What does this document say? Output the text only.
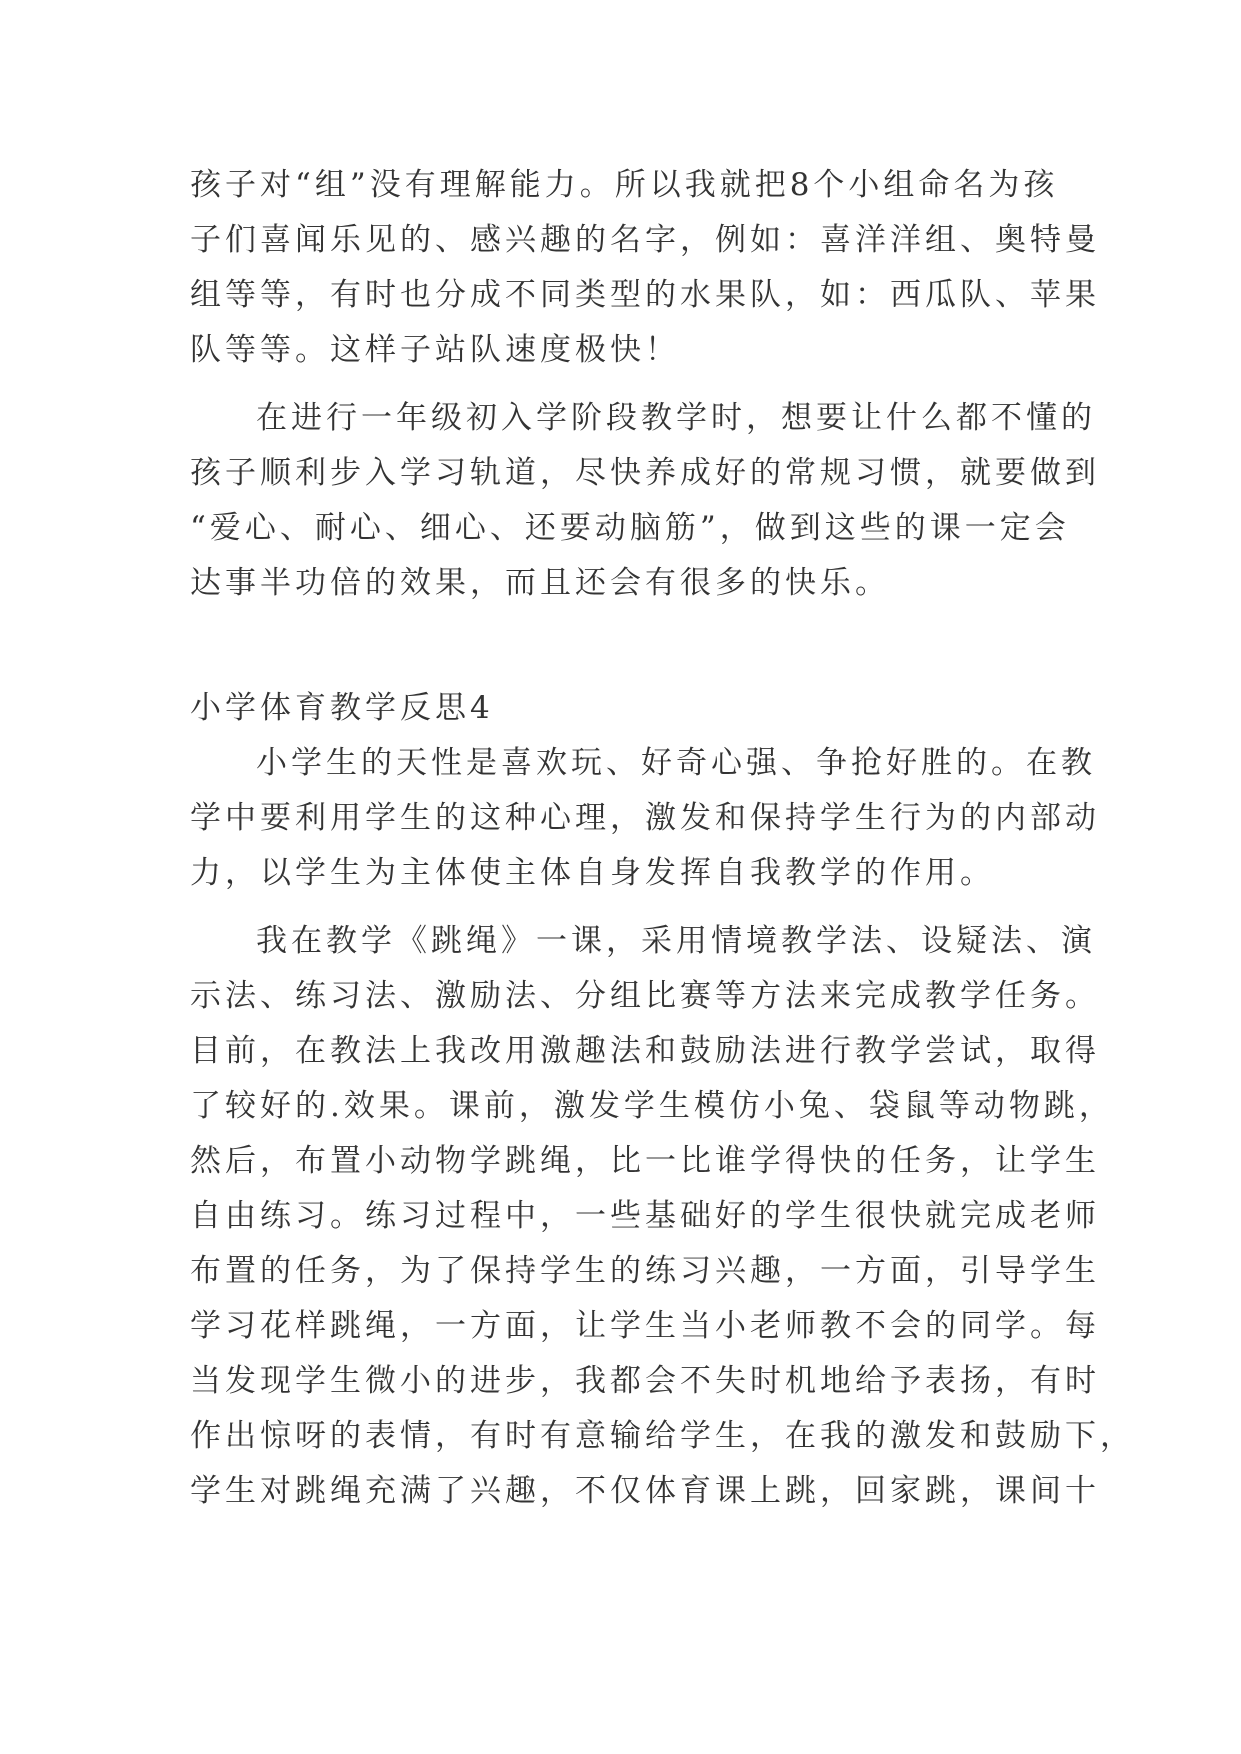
孩子对“组”没有理解能力。所以我就把8个小组命名为孩
子们喜闻乐见的、感兴趣的名字，例如：喜洋洋组、奥特曼
组等等，有时也分成不同类型的水果队，如：西瓜队、苹果
队等等。这样子站队速度极快！
在进行一年级初入学阶段教学时，想要让什么都不懂的
孩子顺利步入学习轨道，尽快养成好的常规习惯，就要做到
“爱心、耐心、细心、还要动脑筋”，做到这些的课一定会
达事半功倍的效果，而且还会有很多的快乐。
小学体育教学反思4
小学生的天性是喜欢玩、好奇心强、争抢好胜的。在教
学中要利用学生的这种心理，激发和保持学生行为的内部动
力，以学生为主体使主体自身发挥自我教学的作用。
我在教学《跳绳》一课，采用情境教学法、设疑法、演
示法、练习法、激励法、分组比赛等方法来完成教学任务。
目前，在教法上我改用激趣法和鼓励法进行教学尝试，取得
了较好的.效果。课前，激发学生模仿小兔、袋鼠等动物跳，
然后，布置小动物学跳绳，比一比谁学得快的任务，让学生
自由练习。练习过程中，一些基础好的学生很快就完成老师
布置的任务，为了保持学生的练习兴趣，一方面，引导学生
学习花样跳绳，一方面，让学生当小老师教不会的同学。每
当发现学生微小的进步，我都会不失时机地给予表扬，有时
作出惊呀的表情，有时有意输给学生，在我的激发和鼓励下，
学生对跳绳充满了兴趣，不仅体育课上跳，回家跳，课间十
